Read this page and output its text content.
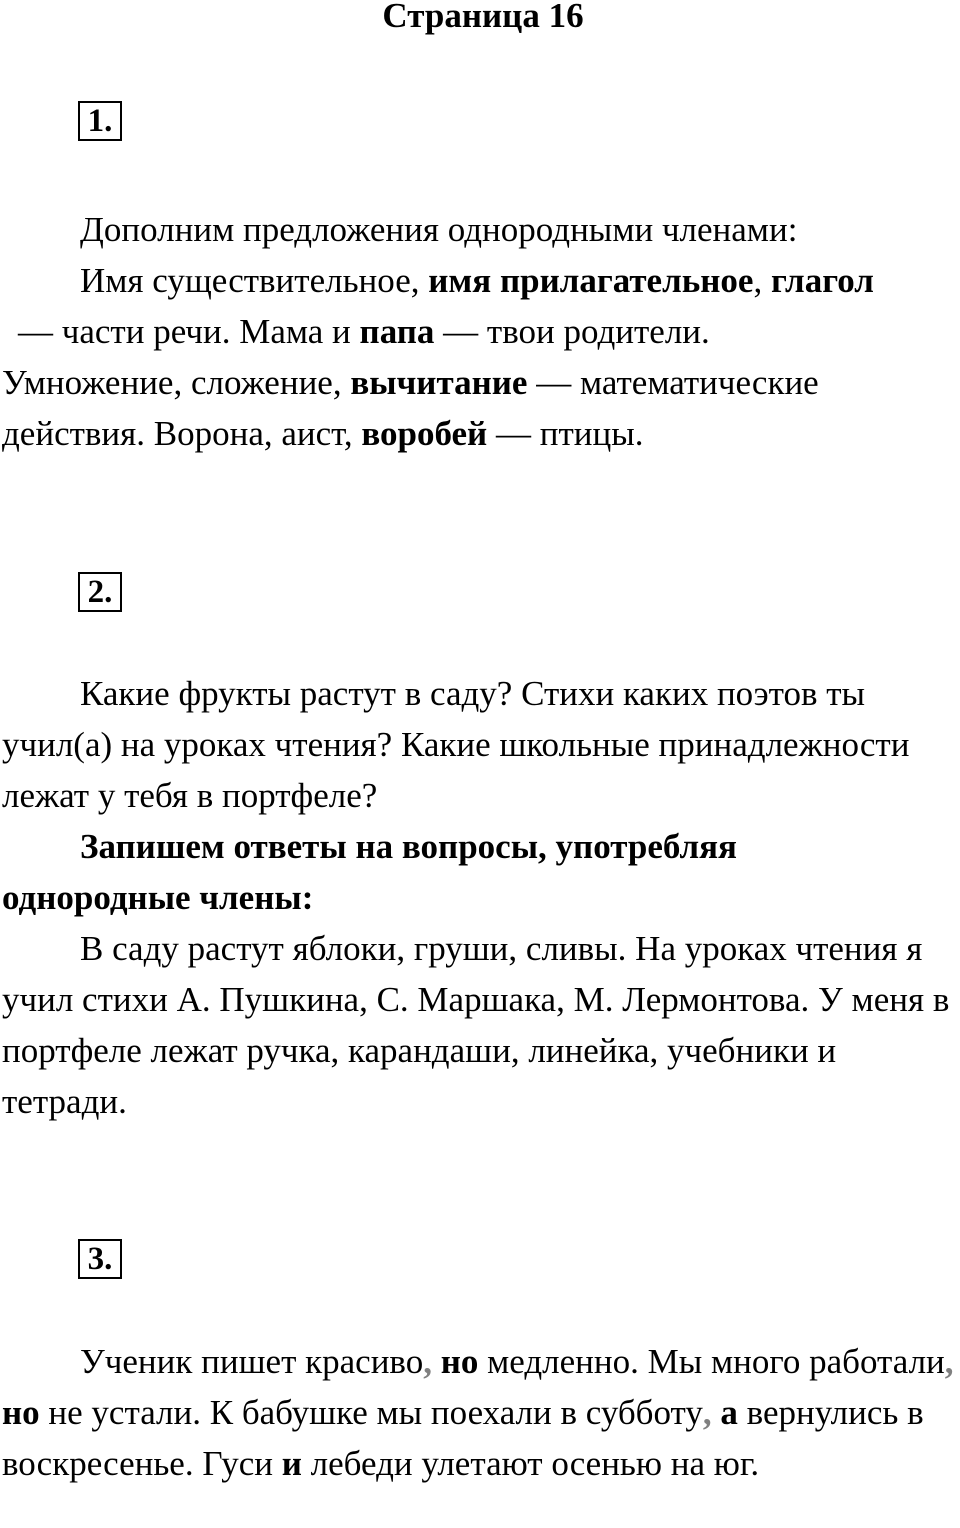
Страница 16
1.

Дополним предложения однородными членами:

Имя существительное, имя прилагательное, глагол

— части речи. Мама и папа — твои родители.

Умножение, сложение, вычитание — математические действия. Ворона, аист, воробей — птицы.

2.

Какие фрукты растут в саду? Стихи каких поэтов ты учил(а) на уроках чтения? Какие школьные принадлежности лежат у тебя в портфеле?

Запишем ответы на вопросы, употребляя однородные члены:

В саду растут яблоки, груши, сливы. На уроках чтения я учил стихи А. Пушкина, С. Маршака, М. Лермонтова. У меня в портфеле лежат ручка, карандаши, линейка, учебники и тетради.

3.

Ученик пишет красиво, но медленно. Мы много работали, но не устали. К бабушке мы поехали в субботу, а вернулись в воскресенье. Гуси и лебеди улетают осенью на юг.
